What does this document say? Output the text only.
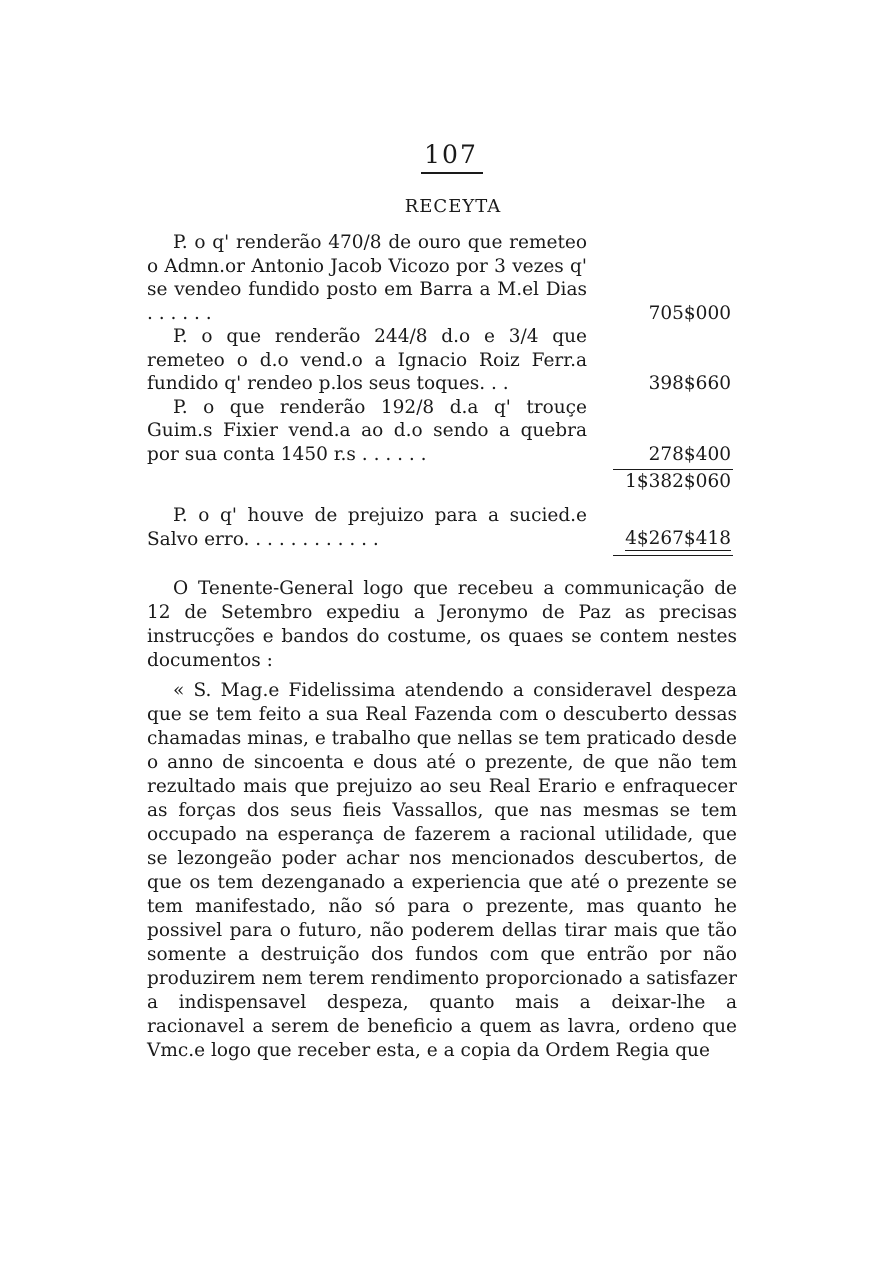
107
RECEYTA

P. o q' renderão 470/8 de ouro que remeteo o Admn.or Antonio Jacob Vicozo por 3 vezes q' se vendeo fundido posto em Barra a M.el Dias . . . . . .	705$000

P. o que renderão 244/8 d.o e 3/4 que remeteo o d.o vend.o a Ignacio Roiz Ferr.a fundido q' rendeo p.los seus toques. . .	398$660

P. o que renderão 192/8 d.a q' trouçe Guim.s Fixier vend.a ao d.o sendo a quebra por sua conta 1450 r.s . . . . . .	278$400
1$382$060

P. o q' houve de prejuizo para a sucied.e Salvo erro. . . . . . . . . . . .	4$267$418

O Tenente-General logo que recebeu a communicação de 12 de Setembro expediu a Jeronymo de Paz as precisas instrucções e bandos do costume, os quaes se contem nestes documentos :

« S. Mag.e Fidelissima atendendo a consideravel despeza que se tem feito a sua Real Fazenda com o descuberto dessas chamadas minas, e trabalho que nellas se tem praticado desde o anno de sincoenta e dous até o prezente, de que não tem rezultado mais que prejuizo ao seu Real Erario e enfraquecer as forças dos seus fieis Vassallos, que nas mesmas se tem occupado na esperança de fazerem a racional utilidade, que se lezongeão poder achar nos mencionados descubertos, de que os tem dezenganado a experiencia que até o prezente se tem manifestado, não só para o prezente, mas quanto he possivel para o futuro, não poderem dellas tirar mais que tão somente a destruição dos fundos com que entrão por não produzirem nem terem rendimento proporcionado a satisfazer a indispensavel despeza, quanto mais a deixar-lhe a racionavel a serem de beneficio a quem as lavra, ordeno que Vmc.e logo que receber esta, e a copia da Ordem Regia que
